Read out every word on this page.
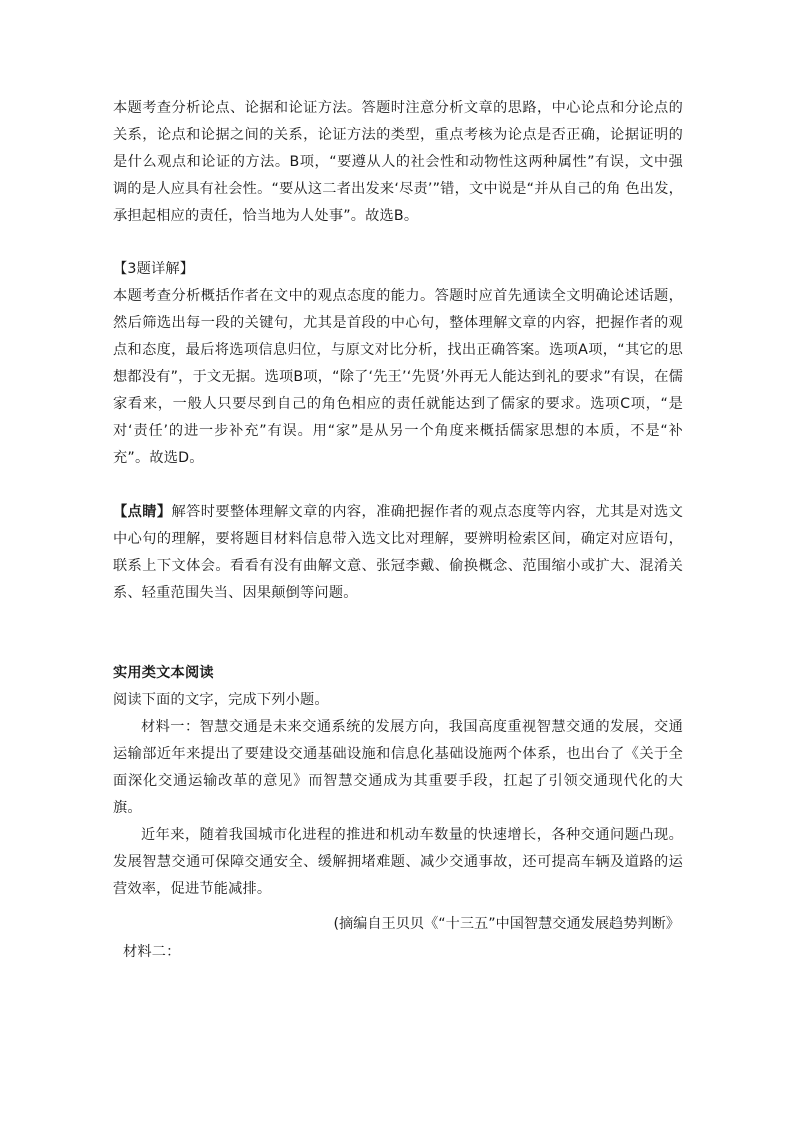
本题考查分析论点、论据和论证方法。答题时注意分析文章的思路，中心论点和分论点的关系，论点和论据之间的关系，论证方法的类型，重点考核为论点是否正确，论据证明的是什么观点和论证的方法。B项，“要遵从人的社会性和动物性这两种属性”有误，文中强调的是人应具有社会性。“要从这二者出发来‘尽责’”错，文中说是“并从自己的角 色出发，承担起相应的责任，恰当地为人处事”。故选B。
【3题详解】
本题考查分析概括作者在文中的观点态度的能力。答题时应首先通读全文明确论述话题，然后筛选出每一段的关键句，尤其是首段的中心句，整体理解文章的内容，把握作者的观点和态度，最后将选项信息归位，与原文对比分析，找出正确答案。选项A项，“其它的思想都没有”，于文无据。选项B项，“除了‘先王’‘先贤’外再无人能达到礼的要求”有误，在儒家看来，一般人只要尽到自己的角色相应的责任就能达到了儒家的要求。选项C项，“是对‘责任’的进一步补充”有误。用“家”是从另一个角度来概括儒家思想的本质，不是“补充”。故选D。
【点睛】解答时要整体理解文章的内容，准确把握作者的观点态度等内容，尤其是对选文中心句的理解，要将题目材料信息带入选文比对理解，要辨明检索区间，确定对应语句，联系上下文体会。看看有没有曲解文意、张冠李戴、偷换概念、范围缩小或扩大、混淆关系、轻重范围失当、因果颠倒等问题。
实用类文本阅读
阅读下面的文字，完成下列小题。
材料一：智慧交通是未来交通系统的发展方向，我国高度重视智慧交通的发展，交通运输部近年来提出了要建设交通基础设施和信息化基础设施两个体系，也出台了《关于全面深化交通运输改革的意见》而智慧交通成为其重要手段，扛起了引领交通现代化的大旗。
近年来，随着我国城市化进程的推进和机动车数量的快速增长，各种交通问题凸现。发展智慧交通可保障交通安全、缓解拥堵难题、减少交通事故，还可提高车辆及道路的运营效率，促进节能减排。
(摘编自王贝贝《“十三五”中国智慧交通发展趋势判断》
材料二：
